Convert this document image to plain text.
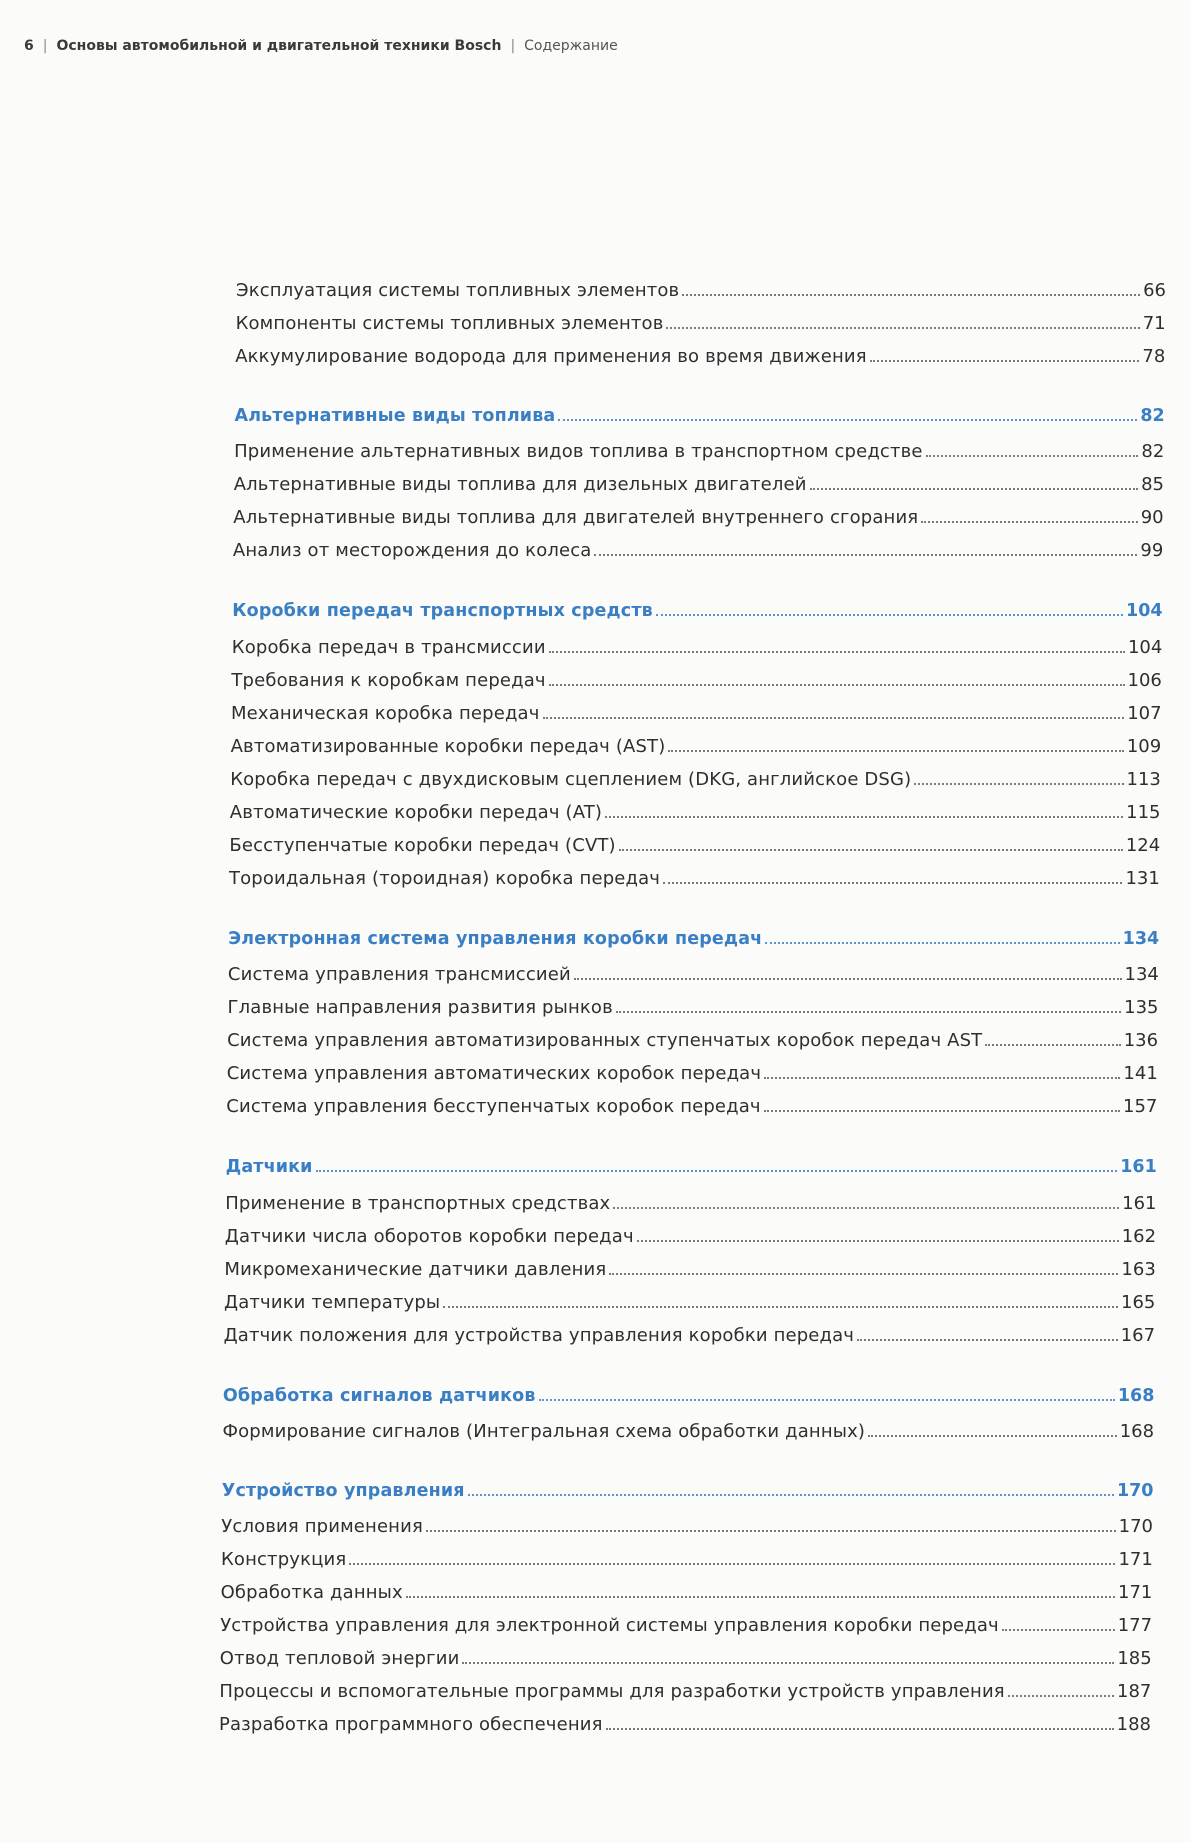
6 | Основы автомобильной и двигательной техники Bosch | Содержание
Эксплуатация системы топливных элементов	66
Компоненты системы топливных элементов	71
Аккумулирование водорода для применения во время движения	78
Альтернативные виды топлива	82
Применение альтернативных видов топлива в транспортном средстве	82
Альтернативные виды топлива для дизельных двигателей	85
Альтернативные виды топлива для двигателей внутреннего сгорания	90
Анализ от месторождения до колеса	99
Коробки передач транспортных средств	104
Коробка передач в трансмиссии	104
Требования к коробкам передач	106
Механическая коробка передач	107
Автоматизированные коробки передач (AST)	109
Коробка передач с двухдисковым сцеплением (DKG, английское DSG)	113
Автоматические коробки передач (AT)	115
Бесступенчатые коробки передач (CVT)	124
Тороидальная (тороидная) коробка передач	131
Электронная система управления коробки передач	134
Система управления трансмиссией	134
Главные направления развития рынков	135
Система управления автоматизированных ступенчатых коробок передач AST	136
Система управления автоматических коробок передач	141
Система управления бесступенчатых коробок передач	157
Датчики	161
Применение в транспортных средствах	161
Датчики числа оборотов коробки передач	162
Микромеханические датчики давления	163
Датчики температуры	165
Датчик положения для устройства управления коробки передач	167
Обработка сигналов датчиков	168
Формирование сигналов (Интегральная схема обработки данных)	168
Устройство управления	170
Условия применения	170
Конструкция	171
Обработка данных	171
Устройства управления для электронной системы управления коробки передач	177
Отвод тепловой энергии	185
Процессы и вспомогательные программы для разработки устройств управления	187
Разработка программного обеспечения	188
